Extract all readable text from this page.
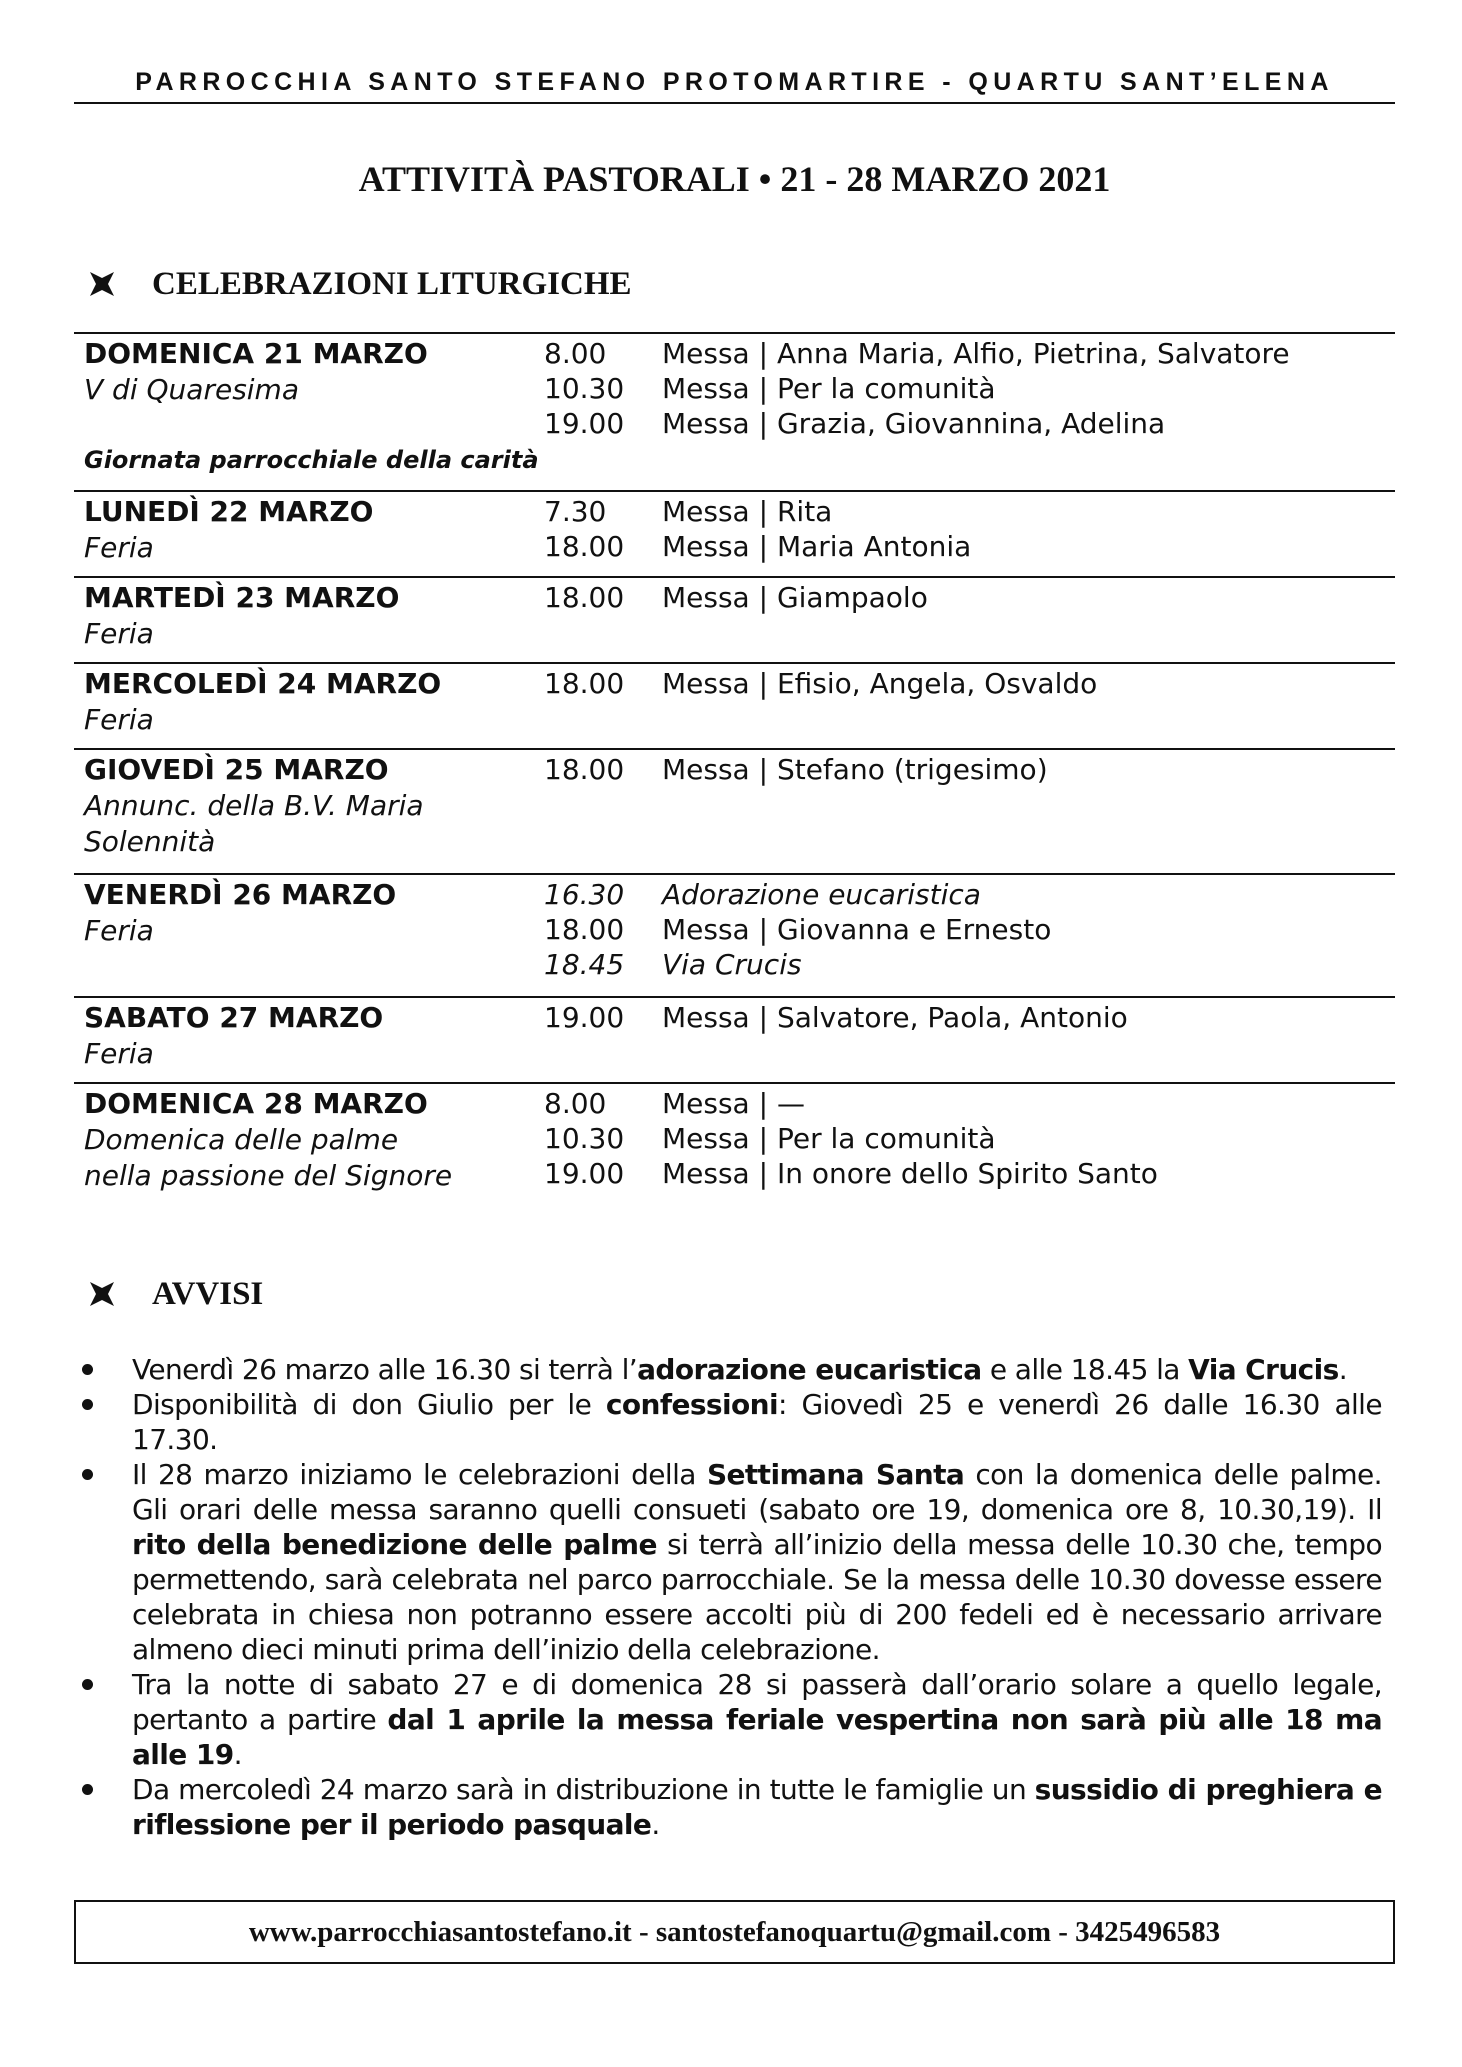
PARROCCHIA SANTO STEFANO PROTOMARTIRE - QUARTU SANT’ELENA
ATTIVITÀ PASTORALI • 21 - 28 MARZO 2021
CELEBRAZIONI LITURGICHE
DOMENICA 21 MARZO
V di Quaresima
Giornata parrocchiale della carità
8.00 Messa | Anna Maria, Alfio, Pietrina, Salvatore
10.30 Messa | Per la comunità
19.00 Messa | Grazia, Giovannina, Adelina
LUNEDÌ 22 MARZO
Feria
7.30 Messa | Rita
18.00 Messa | Maria Antonia
MARTEDÌ 23 MARZO
Feria
18.00 Messa | Giampaolo
MERCOLEDÌ 24 MARZO
Feria
18.00 Messa | Efisio, Angela, Osvaldo
GIOVEDÌ 25 MARZO
Annunc. della B.V. Maria
Solennità
18.00 Messa | Stefano (trigesimo)
VENERDÌ 26 MARZO
Feria
16.30 Adorazione eucaristica
18.00 Messa | Giovanna e Ernesto
18.45 Via Crucis
SABATO 27 MARZO
Feria
19.00 Messa | Salvatore, Paola, Antonio
DOMENICA 28 MARZO
Domenica delle palme
nella passione del Signore
8.00 Messa | —
10.30 Messa | Per la comunità
19.00 Messa | In onore dello Spirito Santo
AVVISI
Venerdì 26 marzo alle 16.30 si terrà l’adorazione eucaristica e alle 18.45 la Via Crucis.
Disponibilità di don Giulio per le confessioni: Giovedì 25 e venerdì 26 dalle 16.30 alle 17.30.
Il 28 marzo iniziamo le celebrazioni della Settimana Santa con la domenica delle palme. Gli orari delle messa saranno quelli consueti (sabato ore 19, domenica ore 8, 10.30,19). Il rito della benedizione delle palme si terrà all’inizio della messa delle 10.30 che, tempo permettendo, sarà celebrata nel parco parrocchiale. Se la messa delle 10.30 dovesse essere celebrata in chiesa non potranno essere accolti più di 200 fedeli ed è necessario arrivare almeno dieci minuti prima dell’inizio della celebrazione.
Tra la notte di sabato 27 e di domenica 28 si passerà dall’orario solare a quello legale, pertanto a partire dal 1 aprile la messa feriale vespertina non sarà più alle 18 ma alle 19.
Da mercoledì 24 marzo sarà in distribuzione in tutte le famiglie un sussidio di preghiera e riflessione per il periodo pasquale.
www.parrocchiasantostefano.it - santostefanoquartu@gmail.com - 3425496583
